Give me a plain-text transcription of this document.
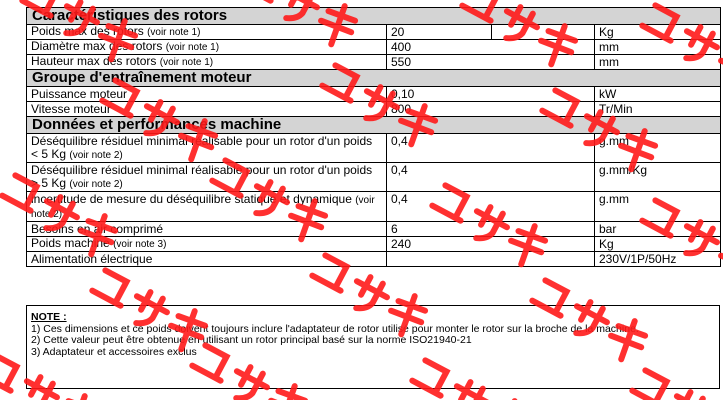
Caractéristiques des rotors			
Poids max des rotors (voir note 1)	20		Kg
Diamètre max des rotors (voir note 1)	400		mm
Hauteur max des rotors (voir note 1)	550		mm
Groupe d'entraînement moteur			
Puissance moteur	0,10		kW
Vitesse moteur	800		Tr/Min
Données et performances machine			
Déséquilibre résiduel minimal réalisable pour un rotor d'un poids < 5 Kg (voir note 2)	0,4		g.mm
Déséquilibre résiduel minimal réalisable pour un rotor d'un poids > 5 Kg (voir note 2)	0,4		g.mm/Kg
incertitude de mesure du déséquilibre statique et dynamique (voir note 2)	0,4		g.mm
Besoins en air comprimé	6		bar
Poids machine (voir note 3)	240		Kg
Alimentation électrique			230V/1P/50Hz
NOTE :
1) Ces dimensions et ce poids doivent toujours inclure l'adaptateur de rotor utilisé pour monter le rotor sur la broche de la machine.
2) Cette valeur peut être obtenue en utilisant un rotor principal basé sur la norme ISO21940-21
3) Adaptateur et accessoires exclus
